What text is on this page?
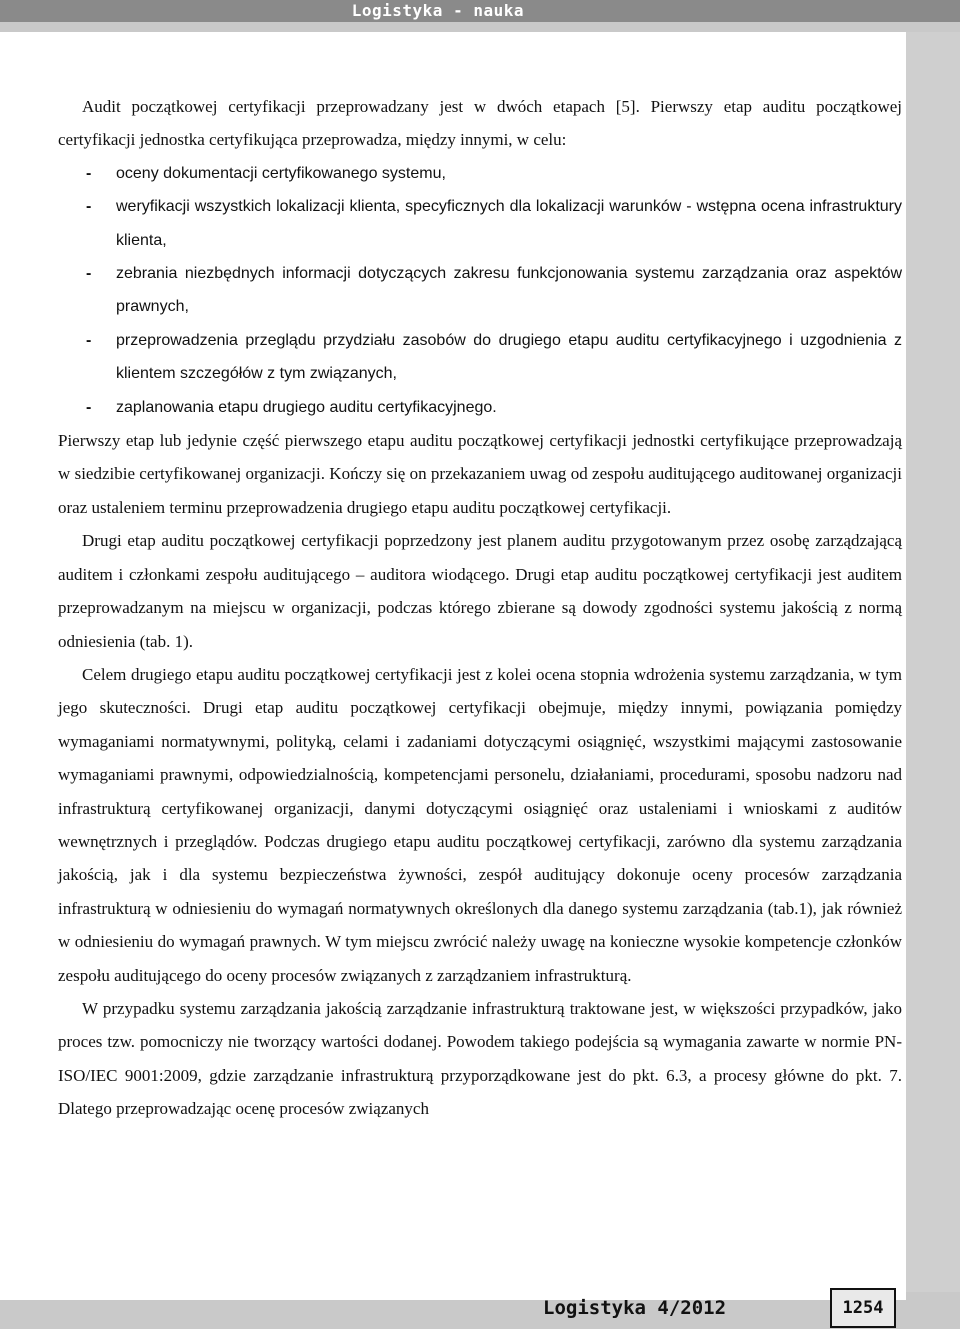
Logistyka - nauka

Audit początkowej certyfikacji przeprowadzany jest w dwóch etapach [5]. Pierwszy etap auditu początkowej certyfikacji jednostka certyfikująca przeprowadza, między innymi, w celu:

- oceny dokumentacji certyfikowanego systemu,
- weryfikacji wszystkich lokalizacji klienta, specyficznych dla lokalizacji warunków - wstępna ocena infrastruktury klienta,
- zebrania niezbędnych informacji dotyczących zakresu funkcjonowania systemu zarządzania oraz aspektów prawnych,
- przeprowadzenia przeglądu przydziału zasobów do drugiego etapu auditu certyfikacyjnego i uzgodnienia z klientem szczegółów z tym związanych,
- zaplanowania etapu drugiego auditu certyfikacyjnego.

Pierwszy etap lub jedynie część pierwszego etapu auditu początkowej certyfikacji jednostki certyfikujące przeprowadzają w siedzibie certyfikowanej organizacji. Kończy się on przekazaniem uwag od zespołu auditującego auditowanej organizacji oraz ustaleniem terminu przeprowadzenia drugiego etapu auditu początkowej certyfikacji.

Drugi etap auditu początkowej certyfikacji poprzedzony jest planem auditu przygotowanym przez osobę zarządzającą auditem i członkami zespołu auditującego – auditora wiodącego. Drugi etap auditu początkowej certyfikacji jest auditem przeprowadzanym na miejscu w organizacji, podczas którego zbierane są dowody zgodności systemu jakością z normą odniesienia (tab. 1).

Celem drugiego etapu auditu początkowej certyfikacji jest z kolei ocena stopnia wdrożenia systemu zarządzania, w tym jego skuteczności. Drugi etap auditu początkowej certyfikacji obejmuje, między innymi, powiązania pomiędzy wymaganiami normatywnymi, polityką, celami i zadaniami dotyczącymi osiągnięć, wszystkimi mającymi zastosowanie wymaganiami prawnymi, odpowiedzialnością, kompetencjami personelu, działaniami, procedurami, sposobu nadzoru nad infrastrukturą certyfikowanej organizacji, danymi dotyczącymi osiągnięć oraz ustaleniami i wnioskami z auditów wewnętrznych i przeglądów. Podczas drugiego etapu auditu początkowej certyfikacji, zarówno dla systemu zarządzania jakością, jak i dla systemu bezpieczeństwa żywności, zespół auditujący dokonuje oceny procesów zarządzania infrastrukturą w odniesieniu do wymagań normatywnych określonych dla danego systemu zarządzania (tab.1), jak również w odniesieniu do wymagań prawnych. W tym miejscu zwrócić należy uwagę na konieczne wysokie kompetencje członków zespołu auditującego do oceny procesów związanych z zarządzaniem infrastrukturą.

W przypadku systemu zarządzania jakością zarządzanie infrastrukturą traktowane jest, w większości przypadków, jako proces tzw. pomocniczy nie tworzący wartości dodanej. Powodem takiego podejścia są wymagania zawarte w normie PN-ISO/IEC 9001:2009, gdzie zarządzanie infrastrukturą przyporządkowane jest do pkt. 6.3, a procesy główne do pkt. 7. Dlatego przeprowadzając ocenę procesów związanych

Logistyka 4/2012	1254
